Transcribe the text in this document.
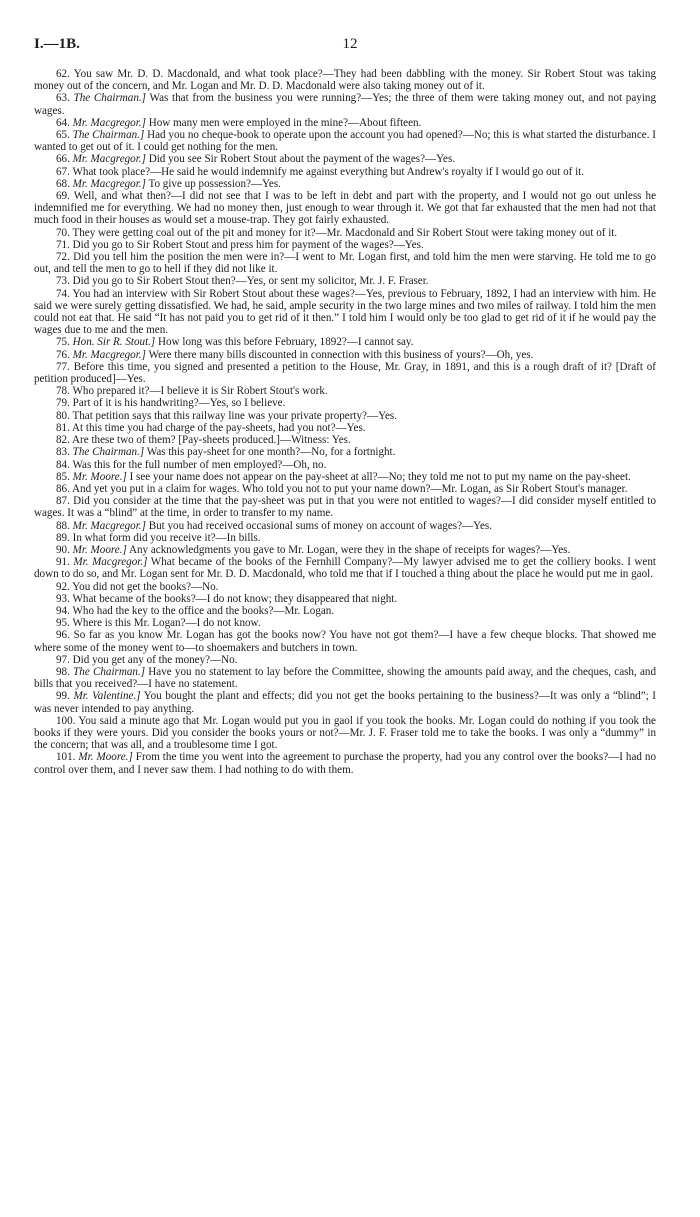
I.—1B.	12

62. You saw Mr. D. D. Macdonald, and what took place?—They had been dabbling with the money. Sir Robert Stout was taking money out of the concern, and Mr. Logan and Mr. D. D. Macdonald were also taking money out of it.

63. The Chairman.] Was that from the business you were running?—Yes; the three of them were taking money out, and not paying wages.

64. Mr. Macgregor.] How many men were employed in the mine?—About fifteen.

65. The Chairman.] Had you no cheque-book to operate upon the account you had opened?—No; this is what started the disturbance. I wanted to get out of it. I could get nothing for the men.

66. Mr. Macgregor.] Did you see Sir Robert Stout about the payment of the wages?—Yes.

67. What took place?—He said he would indemnify me against everything but Andrew's royalty if I would go out of it.

68. Mr. Macgregor.] To give up possession?—Yes.

69. Well, and what then?—I did not see that I was to be left in debt and part with the property, and I would not go out unless he indemnified me for everything. We had no money then, just enough to wear through it. We got that far exhausted that the men had not that much food in their houses as would set a mouse-trap. They got fairly exhausted.

70. They were getting coal out of the pit and money for it?—Mr. Macdonald and Sir Robert Stout were taking money out of it.

71. Did you go to Sir Robert Stout and press him for payment of the wages?—Yes.

72. Did you tell him the position the men were in?—I went to Mr. Logan first, and told him the men were starving. He told me to go out, and tell the men to go to hell if they did not like it.

73. Did you go to Sir Robert Stout then?—Yes, or sent my solicitor, Mr. J. F. Fraser.

74. You had an interview with Sir Robert Stout about these wages?—Yes, previous to February, 1892, I had an interview with him. He said we were surely getting dissatisfied. We had, he said, ample security in the two large mines and two miles of railway. I told him the men could not eat that. He said “It has not paid you to get rid of it then.” I told him I would only be too glad to get rid of it if he would pay the wages due to me and the men.

75. Hon. Sir R. Stout.] How long was this before February, 1892?—I cannot say.

76. Mr. Macgregor.] Were there many bills discounted in connection with this business of yours?—Oh, yes.

77. Before this time, you signed and presented a petition to the House, Mr. Gray, in 1891, and this is a rough draft of it? [Draft of petition produced]—Yes.

78. Who prepared it?—I believe it is Sir Robert Stout's work.

79. Part of it is his handwriting?—Yes, so I believe.

80. That petition says that this railway line was your private property?—Yes.

81. At this time you had charge of the pay-sheets, had you not?—Yes.

82. Are these two of them? [Pay-sheets produced.]—Witness: Yes.

83. The Chairman.] Was this pay-sheet for one month?—No, for a fortnight.

84. Was this for the full number of men employed?—Oh, no.

85. Mr. Moore.] I see your name does not appear on the pay-sheet at all?—No; they told me not to put my name on the pay-sheet.

86. And yet you put in a claim for wages. Who told you not to put your name down?—Mr. Logan, as Sir Robert Stout's manager.

87. Did you consider at the time that the pay-sheet was put in that you were not entitled to wages?—I did consider myself entitled to wages. It was a “blind” at the time, in order to transfer to my name.

88. Mr. Macgregor.] But you had received occasional sums of money on account of wages?—Yes.

89. In what form did you receive it?—In bills.

90. Mr. Moore.] Any acknowledgments you gave to Mr. Logan, were they in the shape of receipts for wages?—Yes.

91. Mr. Macgregor.] What became of the books of the Fernhill Company?—My lawyer advised me to get the colliery books. I went down to do so, and Mr. Logan sent for Mr. D. D. Macdonald, who told me that if I touched a thing about the place he would put me in gaol.

92. You did not get the books?—No.

93. What became of the books?—I do not know; they disappeared that night.

94. Who had the key to the office and the books?—Mr. Logan.

95. Where is this Mr. Logan?—I do not know.

96. So far as you know Mr. Logan has got the books now? You have not got them?—I have a few cheque blocks. That showed me where some of the money went to—to shoemakers and butchers in town.

97. Did you get any of the money?—No.

98. The Chairman.] Have you no statement to lay before the Committee, showing the amounts paid away, and the cheques, cash, and bills that you received?—I have no statement.

99. Mr. Valentine.] You bought the plant and effects; did you not get the books pertaining to the business?—It was only a “blind”; I was never intended to pay anything.

100. You said a minute ago that Mr. Logan would put you in gaol if you took the books. Mr. Logan could do nothing if you took the books if they were yours. Did you consider the books yours or not?—Mr. J. F. Fraser told me to take the books. I was only a “dummy” in the concern; that was all, and a troublesome time I got.

101. Mr. Moore.] From the time you went into the agreement to purchase the property, had you any control over the books?—I had no control over them, and I never saw them. I had nothing to do with them.
